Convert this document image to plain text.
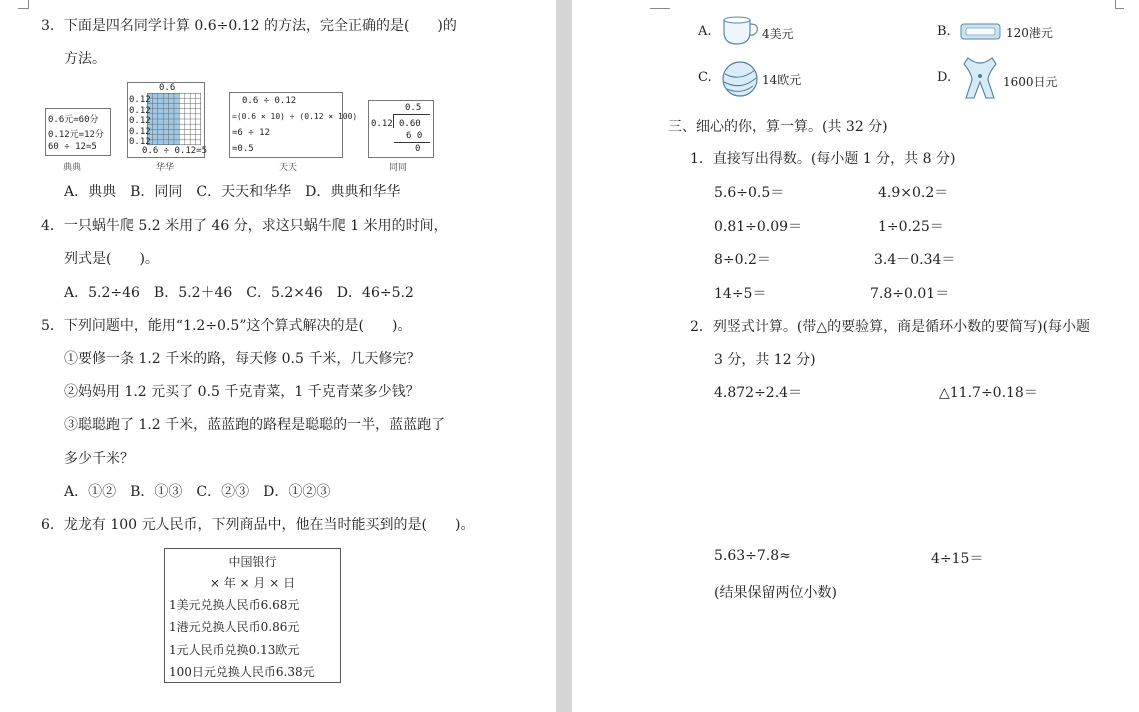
3．下面是四名同学计算 0.6÷0.12 的方法，完全正确的是(　　)的
方法。
0.6元=60分
0.12元=12分
60 ÷ 12=5
典典
0.6
0.12
0.12
0.12
0.12
0.12
0.6 ÷ 0.12=5
华华
0.6 ÷ 0.12
=(0.6 × 10) ÷ (0.12 × 100)
=6 ÷ 12
=0.5
天天
0.5
0.12 0.60
6 0
0
同同
A．典典　B．同同　C．天天和华华　D．典典和华华
4．一只蜗牛爬 5.2 米用了 46 分，求这只蜗牛爬 1 米用的时间，
列式是(　　)。
A．5.2÷46　B．5.2＋46　C．5.2×46　D．46÷5.2
5．下列问题中，能用“1.2÷0.5”这个算式解决的是(　　)。
①要修一条 1.2 千米的路，每天修 0.5 千米，几天修完？
②妈妈用 1.2 元买了 0.5 千克青菜，1 千克青菜多少钱？
③聪聪跑了 1.2 千米，蓝蓝跑的路程是聪聪的一半，蓝蓝跑了
多少千米？
A．①②　B．①③　C．②③　D．①②③
6．龙龙有 100 元人民币，下列商品中，他在当时能买到的是(　　)。
中国银行
× 年 × 月 × 日
1美元兑换人民币6.68元
1港元兑换人民币0.86元
1元人民币兑换0.13欧元
100日元兑换人民币6.38元
A.	4美元	B.	120港元
C.	14欧元	D.	1600日元
三、细心的你，算一算。(共 32 分)
1．直接写出得数。(每小题 1 分，共 8 分)
5.6÷0.5＝	4.9×0.2＝
0.81÷0.09＝	1÷0.25＝
8÷0.2＝	3.4－0.34＝
14÷5＝	7.8÷0.01＝
2．列竖式计算。(带△的要验算，商是循环小数的要简写)(每小题
3 分，共 12 分)
4.872÷2.4＝	△11.7÷0.18＝
5.63÷7.8≈	4÷15＝
(结果保留两位小数)
